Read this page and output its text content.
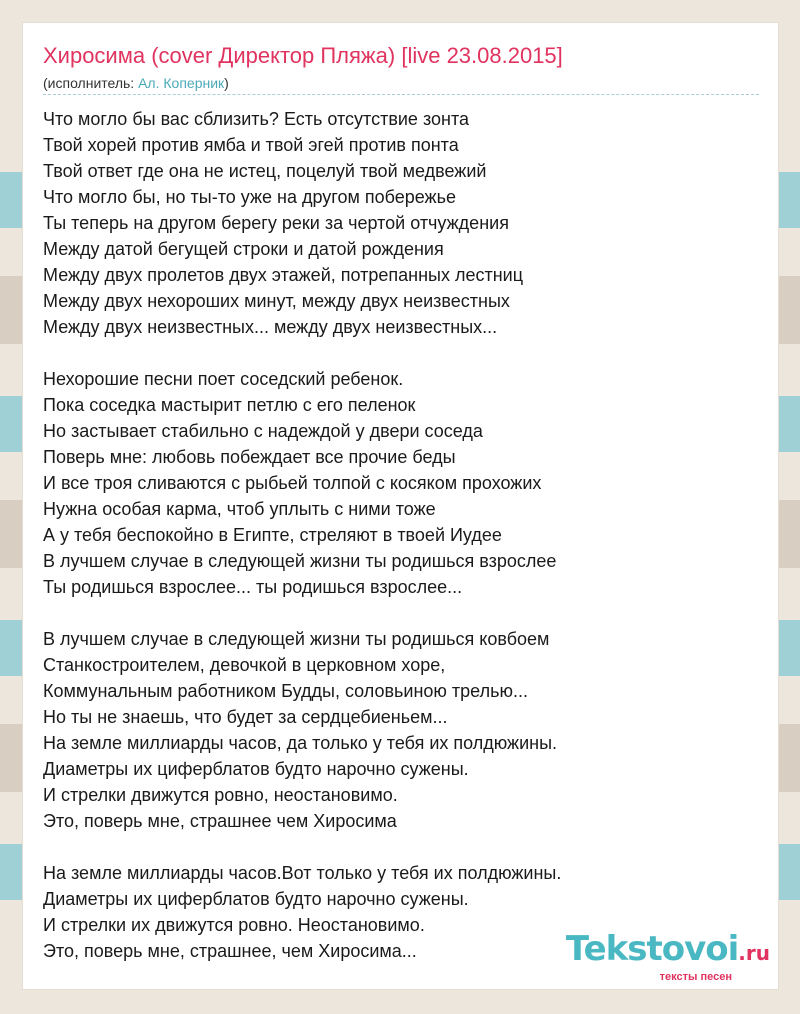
Хиросима (cover Директор Пляжа) [live 23.08.2015]
(исполнитель: Ал. Коперник)
Что могло бы вас сблизить? Есть отсутствие зонта
Твой хорей против ямба и твой эгей против понта
Твой ответ где она не истец, поцелуй твой медвежий
Что могло бы, но ты-то уже на другом побережье
Ты теперь на другом берегу реки за чертой отчуждения
Между датой бегущей строки и датой рождения
Между двух пролетов двух этажей, потрепанных лестниц
Между двух нехороших минут, между двух неизвестных
Между двух неизвестных... между двух неизвестных...
Нехорошие песни поет соседский ребенок.
Пока соседка мастырит петлю с его пеленок
Но застывает стабильно с надеждой у двери соседа
Поверь мне: любовь побеждает все прочие беды
И все троя сливаются с рыбьей толпой с косяком прохожих
Нужна особая карма, чтоб уплыть с ними тоже
А у тебя беспокойно в Египте, стреляют в твоей Иудее
В лучшем случае в следующей жизни ты родишься взрослее
Ты родишься взрослее... ты родишься взрослее...
В лучшем случае в следующей жизни ты родишься ковбоем
Станкостроителем, девочкой в церковном хоре,
Коммунальным работником Будды, соловьиною трелью...
Но ты не знаешь, что будет за сердцебиеньем...
На земле миллиарды часов, да только у тебя их полдюжины.
Диаметры их циферблатов будто нарочно сужены.
И стрелки движутся ровно, неостановимо.
Это, поверь мне, страшнее чем Хиросима
На земле миллиарды часов.Вот только у тебя их полдюжины.
Диаметры их циферблатов будто нарочно сужены.
И стрелки их движутся ровно. Неостановимо.
Это, поверь мне, страшнее, чем Хиросима...	Tekstovoi.ru
тексты песен
